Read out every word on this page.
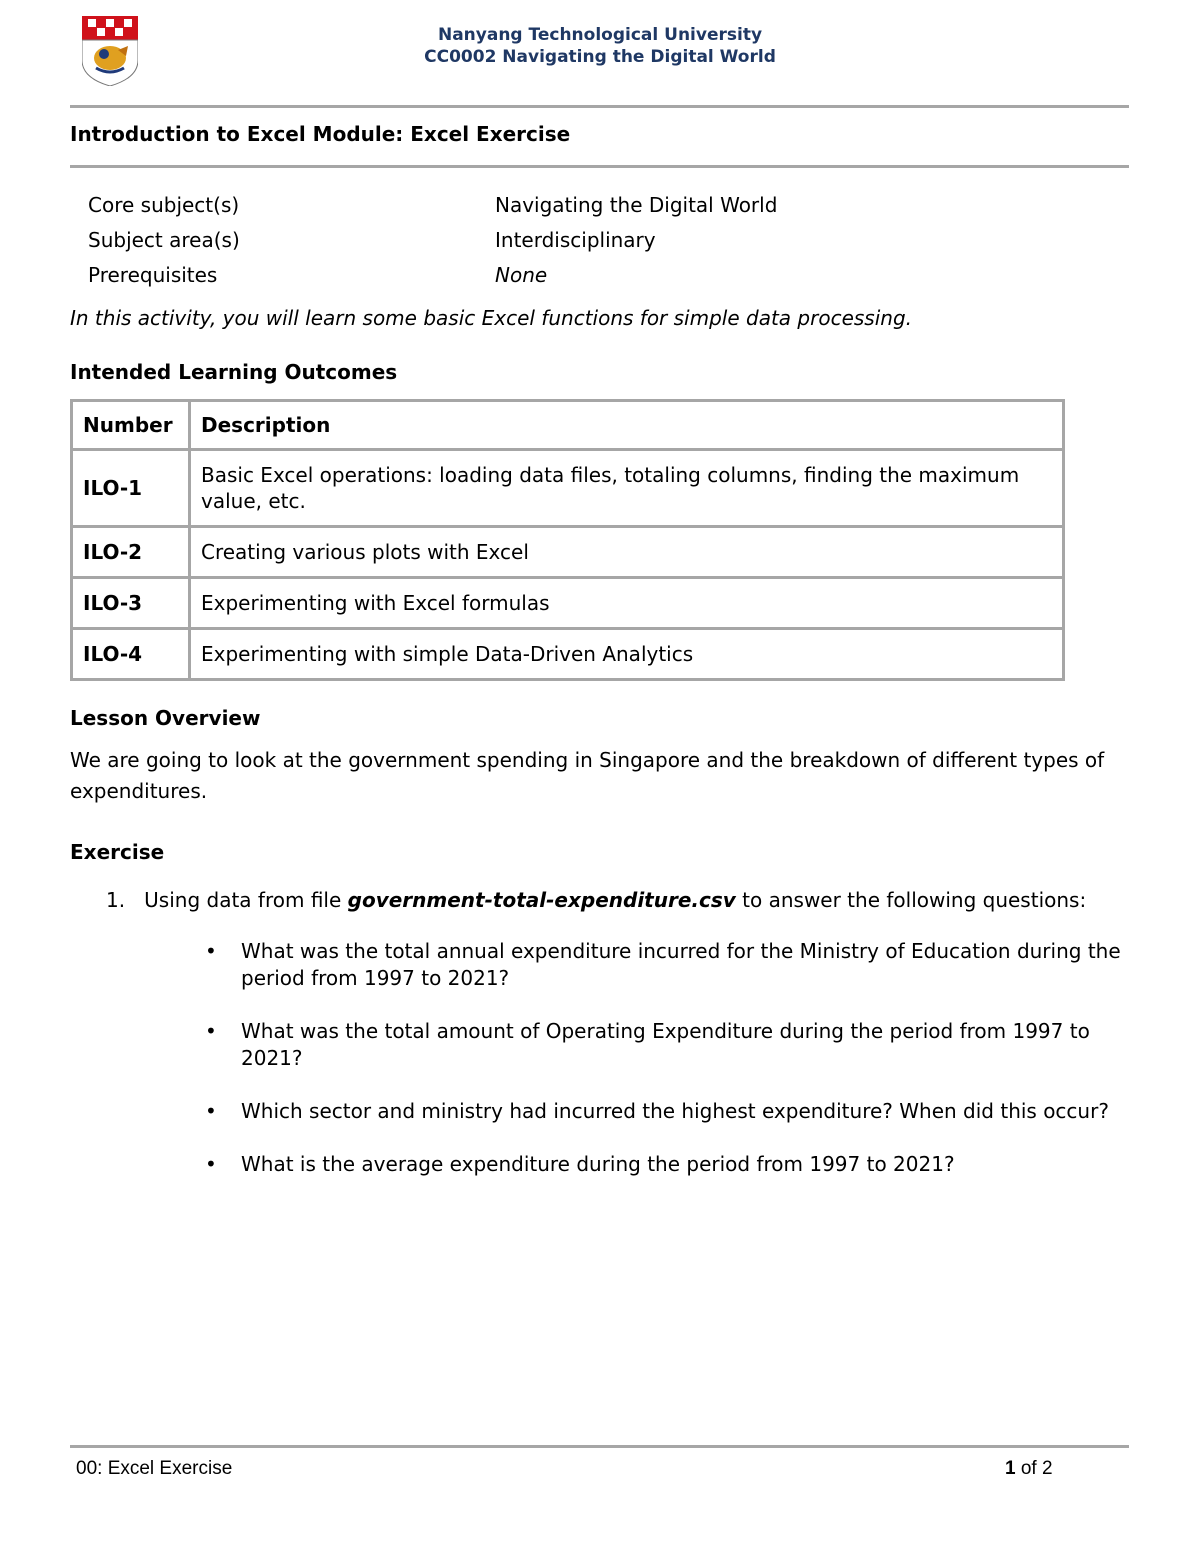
Nanyang Technological University
CC0002 Navigating the Digital World
Introduction to Excel Module: Excel Exercise
Core subject(s)	Navigating the Digital World
Subject area(s)	Interdisciplinary
Prerequisites	None
In this activity, you will learn some basic Excel functions for simple data processing.
Intended Learning Outcomes
Number	Description
ILO-1	Basic Excel operations: loading data files, totaling columns, finding the maximum value, etc.
ILO-2	Creating various plots with Excel
ILO-3	Experimenting with Excel formulas
ILO-4	Experimenting with simple Data-Driven Analytics
Lesson Overview
We are going to look at the government spending in Singapore and the breakdown of different types of expenditures.
Exercise
1. Using data from file government-total-expenditure.csv to answer the following questions:
•	What was the total annual expenditure incurred for the Ministry of Education during the period from 1997 to 2021?
•	What was the total amount of Operating Expenditure during the period from 1997 to 2021?
•	Which sector and ministry had incurred the highest expenditure? When did this occur?
•	What is the average expenditure during the period from 1997 to 2021?
00: Excel Exercise	1 of 2
